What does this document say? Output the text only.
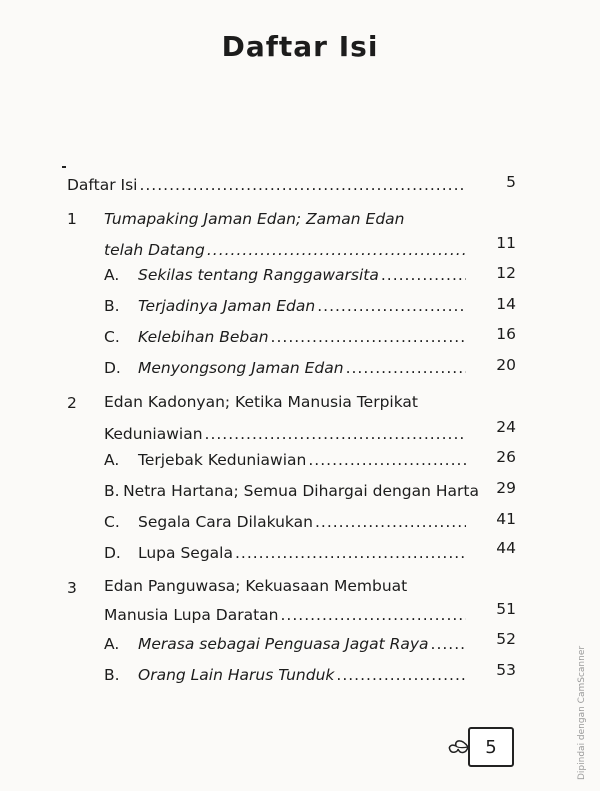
Daftar Isi
Daftar Isi .....	5
1 Tumapaking Jaman Edan; Zaman Edan
telah Datang .....	11
A.	Sekilas tentang Ranggawarsita .....	12
B.	Terjadinya Jaman Edan .....	14
C.	Kelebihan Beban .....	16
D.	Menyongsong Jaman Edan .....	20
2 Edan Kadonyan; Ketika Manusia Terpikat
Keduniawian .....	24
A.	Terjebak Keduniawian .....	26
B. Netra Hartana; Semua Dihargai dengan Harta	29
C.	Segala Cara Dilakukan .....	41
D.	Lupa Segala .....	44
3 Edan Panguwasa; Kekuasaan Membuat
Manusia Lupa Daratan .....	51
A.	Merasa sebagai Penguasa Jagat Raya .....	52
B.	Orang Lain Harus Tunduk .....	53
5	Dipindai dengan CamScanner
